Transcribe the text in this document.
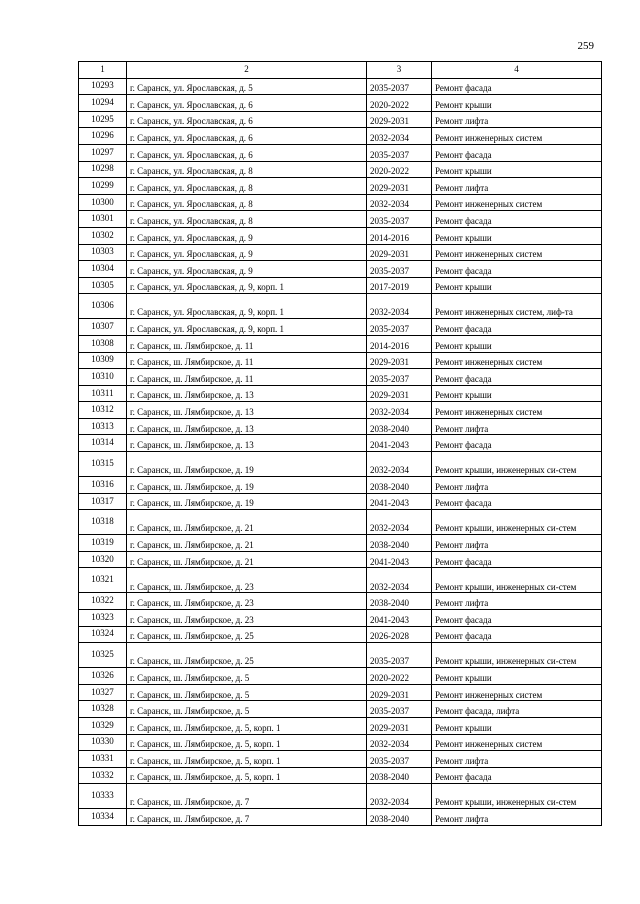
259
1	2	3	4
10293	г. Саранск, ул. Ярославская, д. 5	2035-2037	Ремонт фасада
10294	г. Саранск, ул. Ярославская, д. 6	2020-2022	Ремонт крыши
10295	г. Саранск, ул. Ярославская, д. 6	2029-2031	Ремонт лифта
10296	г. Саранск, ул. Ярославская, д. 6	2032-2034	Ремонт инженерных систем
10297	г. Саранск, ул. Ярославская, д. 6	2035-2037	Ремонт фасада
10298	г. Саранск, ул. Ярославская, д. 8	2020-2022	Ремонт крыши
10299	г. Саранск, ул. Ярославская, д. 8	2029-2031	Ремонт лифта
10300	г. Саранск, ул. Ярославская, д. 8	2032-2034	Ремонт инженерных систем
10301	г. Саранск, ул. Ярославская, д. 8	2035-2037	Ремонт фасада
10302	г. Саранск, ул. Ярославская, д. 9	2014-2016	Ремонт крыши
10303	г. Саранск, ул. Ярославская, д. 9	2029-2031	Ремонт инженерных систем
10304	г. Саранск, ул. Ярославская, д. 9	2035-2037	Ремонт фасада
10305	г. Саранск, ул. Ярославская, д. 9, корп. 1	2017-2019	Ремонт крыши
10306	г. Саранск, ул. Ярославская, д. 9, корп. 1	2032-2034	Ремонт инженерных систем, лиф-та
10307	г. Саранск, ул. Ярославская, д. 9, корп. 1	2035-2037	Ремонт фасада
10308	г. Саранск, ш. Лямбирское, д. 11	2014-2016	Ремонт крыши
10309	г. Саранск, ш. Лямбирское, д. 11	2029-2031	Ремонт инженерных систем
10310	г. Саранск, ш. Лямбирское, д. 11	2035-2037	Ремонт фасада
10311	г. Саранск, ш. Лямбирское, д. 13	2029-2031	Ремонт крыши
10312	г. Саранск, ш. Лямбирское, д. 13	2032-2034	Ремонт инженерных систем
10313	г. Саранск, ш. Лямбирское, д. 13	2038-2040	Ремонт лифта
10314	г. Саранск, ш. Лямбирское, д. 13	2041-2043	Ремонт фасада
10315	г. Саранск, ш. Лямбирское, д. 19	2032-2034	Ремонт крыши, инженерных си-стем
10316	г. Саранск, ш. Лямбирское, д. 19	2038-2040	Ремонт лифта
10317	г. Саранск, ш. Лямбирское, д. 19	2041-2043	Ремонт фасада
10318	г. Саранск, ш. Лямбирское, д. 21	2032-2034	Ремонт крыши, инженерных си-стем
10319	г. Саранск, ш. Лямбирское, д. 21	2038-2040	Ремонт лифта
10320	г. Саранск, ш. Лямбирское, д. 21	2041-2043	Ремонт фасада
10321	г. Саранск, ш. Лямбирское, д. 23	2032-2034	Ремонт крыши, инженерных си-стем
10322	г. Саранск, ш. Лямбирское, д. 23	2038-2040	Ремонт лифта
10323	г. Саранск, ш. Лямбирское, д. 23	2041-2043	Ремонт фасада
10324	г. Саранск, ш. Лямбирское, д. 25	2026-2028	Ремонт фасада
10325	г. Саранск, ш. Лямбирское, д. 25	2035-2037	Ремонт крыши, инженерных си-стем
10326	г. Саранск, ш. Лямбирское, д. 5	2020-2022	Ремонт крыши
10327	г. Саранск, ш. Лямбирское, д. 5	2029-2031	Ремонт инженерных систем
10328	г. Саранск, ш. Лямбирское, д. 5	2035-2037	Ремонт фасада, лифта
10329	г. Саранск, ш. Лямбирское, д. 5, корп. 1	2029-2031	Ремонт крыши
10330	г. Саранск, ш. Лямбирское, д. 5, корп. 1	2032-2034	Ремонт инженерных систем
10331	г. Саранск, ш. Лямбирское, д. 5, корп. 1	2035-2037	Ремонт лифта
10332	г. Саранск, ш. Лямбирское, д. 5, корп. 1	2038-2040	Ремонт фасада
10333	г. Саранск, ш. Лямбирское, д. 7	2032-2034	Ремонт крыши, инженерных си-стем
10334	г. Саранск, ш. Лямбирское, д. 7	2038-2040	Ремонт лифта
